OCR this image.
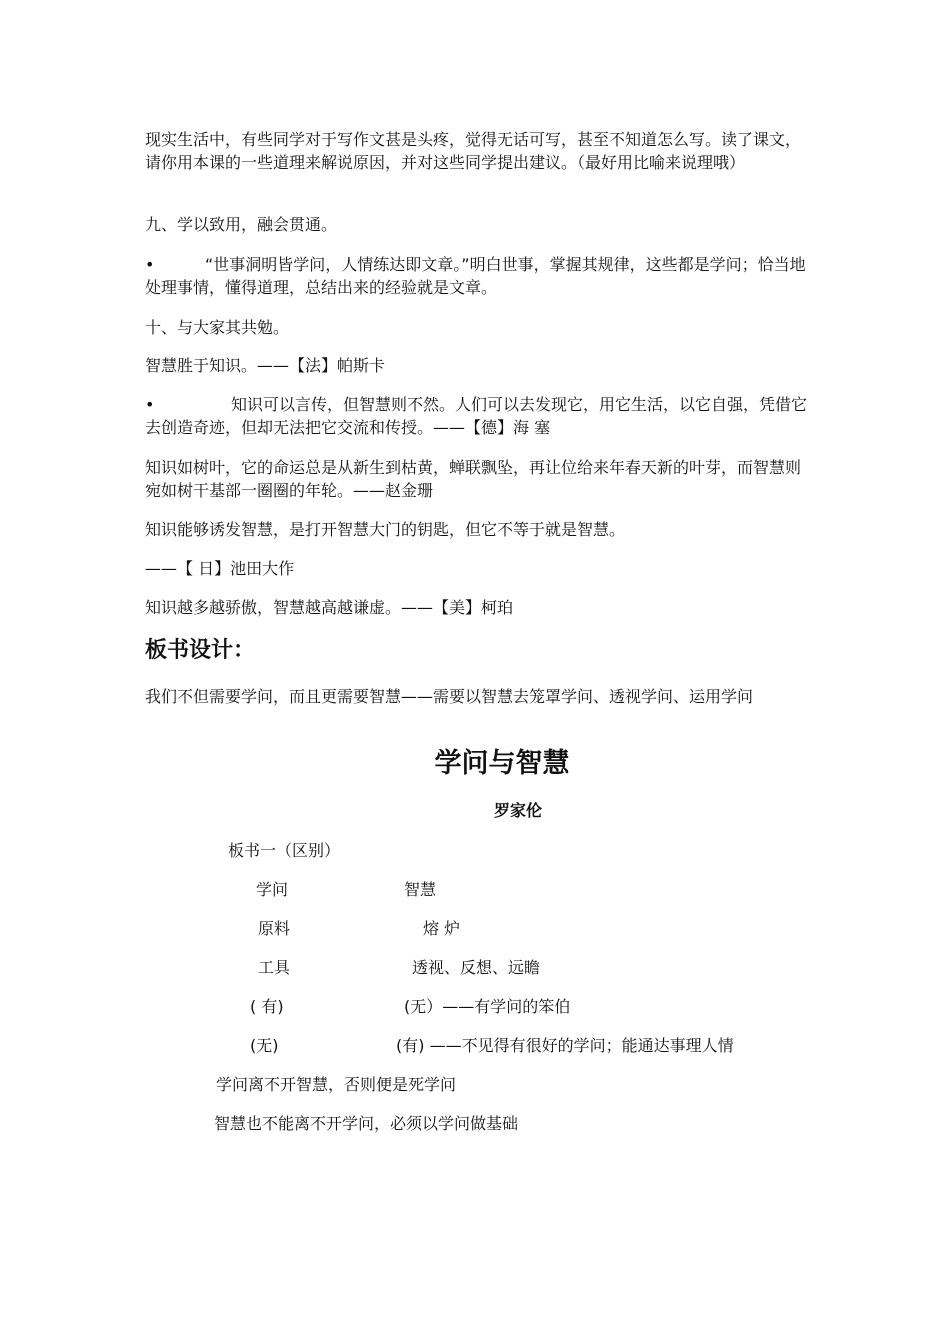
现实生活中，有些同学对于写作文甚是头疼，觉得无话可写，甚至不知道怎么写。读了课文，请你用本课的一些道理来解说原因，并对这些同学提出建议。（最好用比喻来说理哦）

九、学以致用，融会贯通。

•	“世事洞明皆学问，人情练达即文章。”明白世事，掌握其规律，这些都是学问；恰当地处理事情，懂得道理，总结出来的经验就是文章。

十、与大家其共勉。

智慧胜于知识。——【法】帕斯卡

•	知识可以言传，但智慧则不然。人们可以去发现它，用它生活，以它自强，凭借它去创造奇迹，但却无法把它交流和传授。——【德】海 塞

知识如树叶，它的命运总是从新生到枯黄，蝉联飘坠，再让位给来年春天新的叶芽，而智慧则宛如树干基部一圈圈的年轮。——赵金珊

知识能够诱发智慧，是打开智慧大门的钥匙，但它不等于就是智慧。

——【 日】池田大作

知识越多越骄傲，智慧越高越谦虚。——【美】柯珀

板书设计：

我们不但需要学问，而且更需要智慧——需要以智慧去笼罩学问、透视学问、运用学问

学问与智慧

罗家伦

板书一（区别）

学问	智慧

原料	熔 炉

工具	透视、反想、远瞻

( 有)	(无）——有学问的笨伯

(无)	(有) ——不见得有很好的学问；能通达事理人情

学问离不开智慧，否则便是死学问

智慧也不能离不开学问，必须以学问做基础
